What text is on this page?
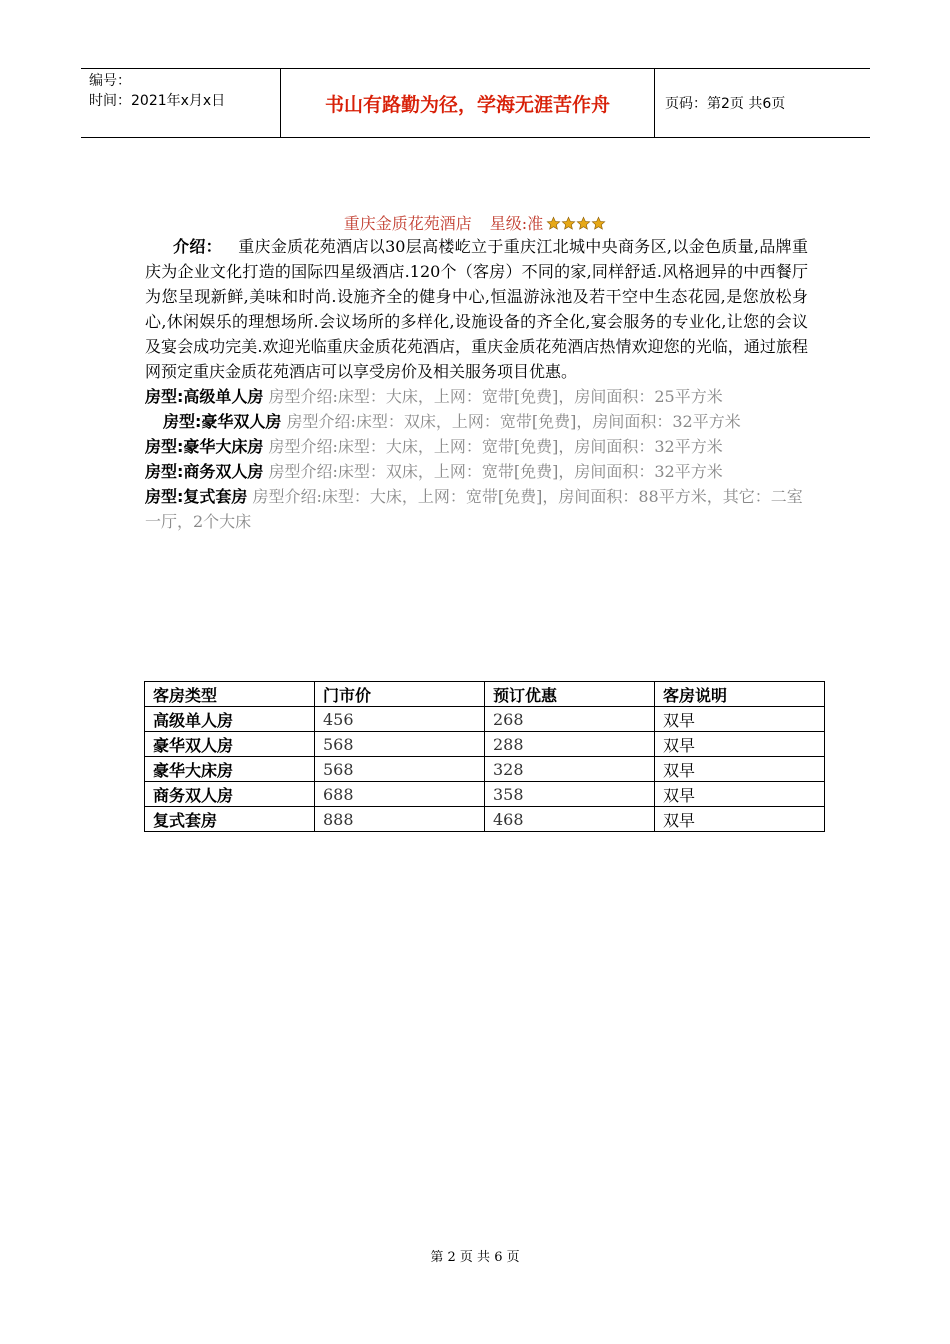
编号：
时间：2021年x月x日	书山有路勤为径，学海无涯苦作舟	页码：第2页 共6页
重庆金质花苑酒店 星级:准

介绍： 重庆金质花苑酒店以30层高楼屹立于重庆江北城中央商务区,以金色质量,品牌重庆为企业文化打造的国际四星级酒店.120个（客房）不同的家,同样舒适.风格迥异的中西餐厅为您呈现新鲜,美味和时尚.设施齐全的健身中心,恒温游泳池及若干空中生态花园,是您放松身心,休闲娱乐的理想场所.会议场所的多样化,设施设备的齐全化,宴会服务的专业化,让您的会议及宴会成功完美.欢迎光临重庆金质花苑酒店，重庆金质花苑酒店热情欢迎您的光临，通过旅程网预定重庆金质花苑酒店可以享受房价及相关服务项目优惠。

房型:高级单人房 房型介绍:床型：大床，上网：宽带[免费]，房间面积：25平方米

房型:豪华双人房 房型介绍:床型：双床，上网：宽带[免费]，房间面积：32平方米

房型:豪华大床房 房型介绍:床型：大床，上网：宽带[免费]，房间面积：32平方米

房型:商务双人房 房型介绍:床型：双床，上网：宽带[免费]，房间面积：32平方米

房型:复式套房 房型介绍:床型：大床，上网：宽带[免费]，房间面积：88平方米，其它：二室一厅，2个大床

客房类型	门市价	预订优惠	客房说明
高级单人房	456	268	双早
豪华双人房	568	288	双早
豪华大床房	568	328	双早
商务双人房	688	358	双早
复式套房	888	468	双早
第 2 页 共 6 页
